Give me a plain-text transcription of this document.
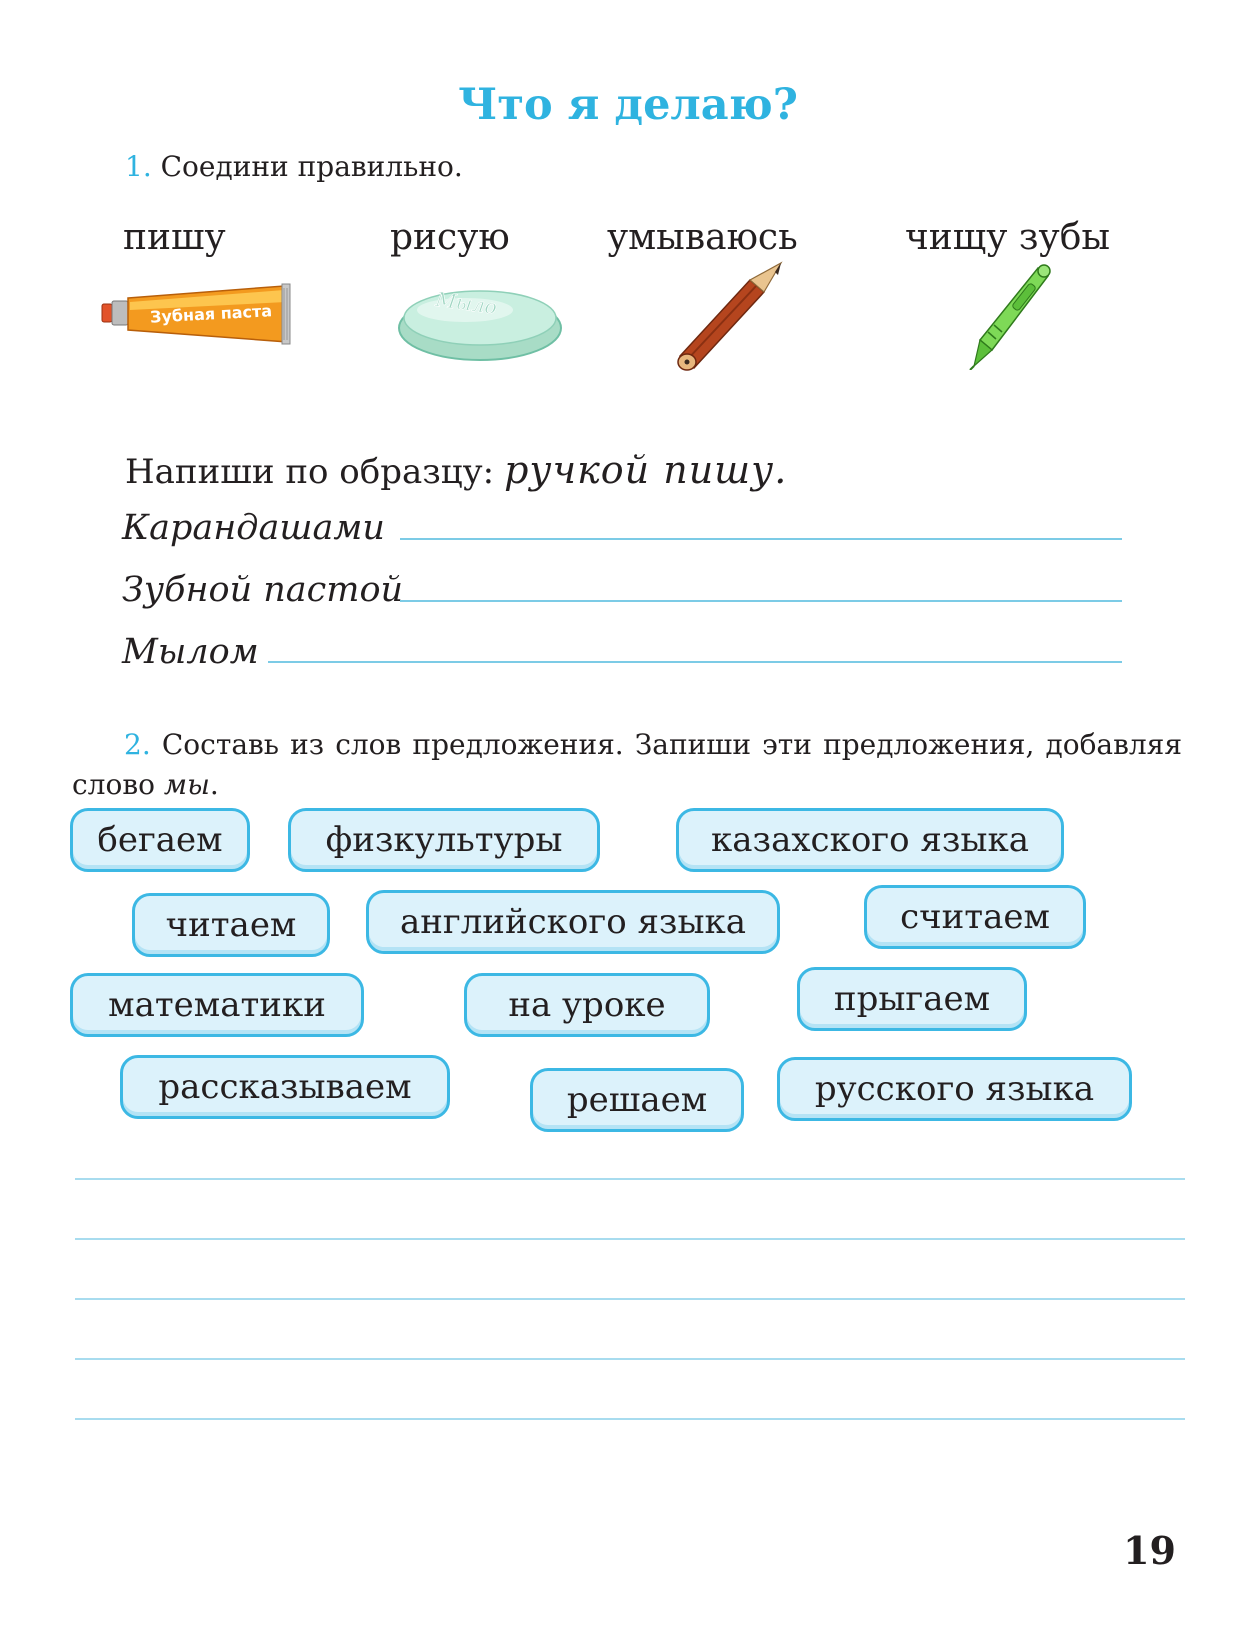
Что я делаю?
1. Соедини правильно.
пишу	рисую	умываюсь	чищу зубы
Зубная паста	Мыло
Напиши по образцу: ручкой пишу.
Карандашами
Зубной пастой
Мылом
2. Составь из слов предложения. Запиши эти предложения, добавляя слово мы.
бегаем	физкультуры	казахского языка
читаем	английского языка	считаем
математики	на уроке	прыгаем
рассказываем	решаем	русского языка
19
